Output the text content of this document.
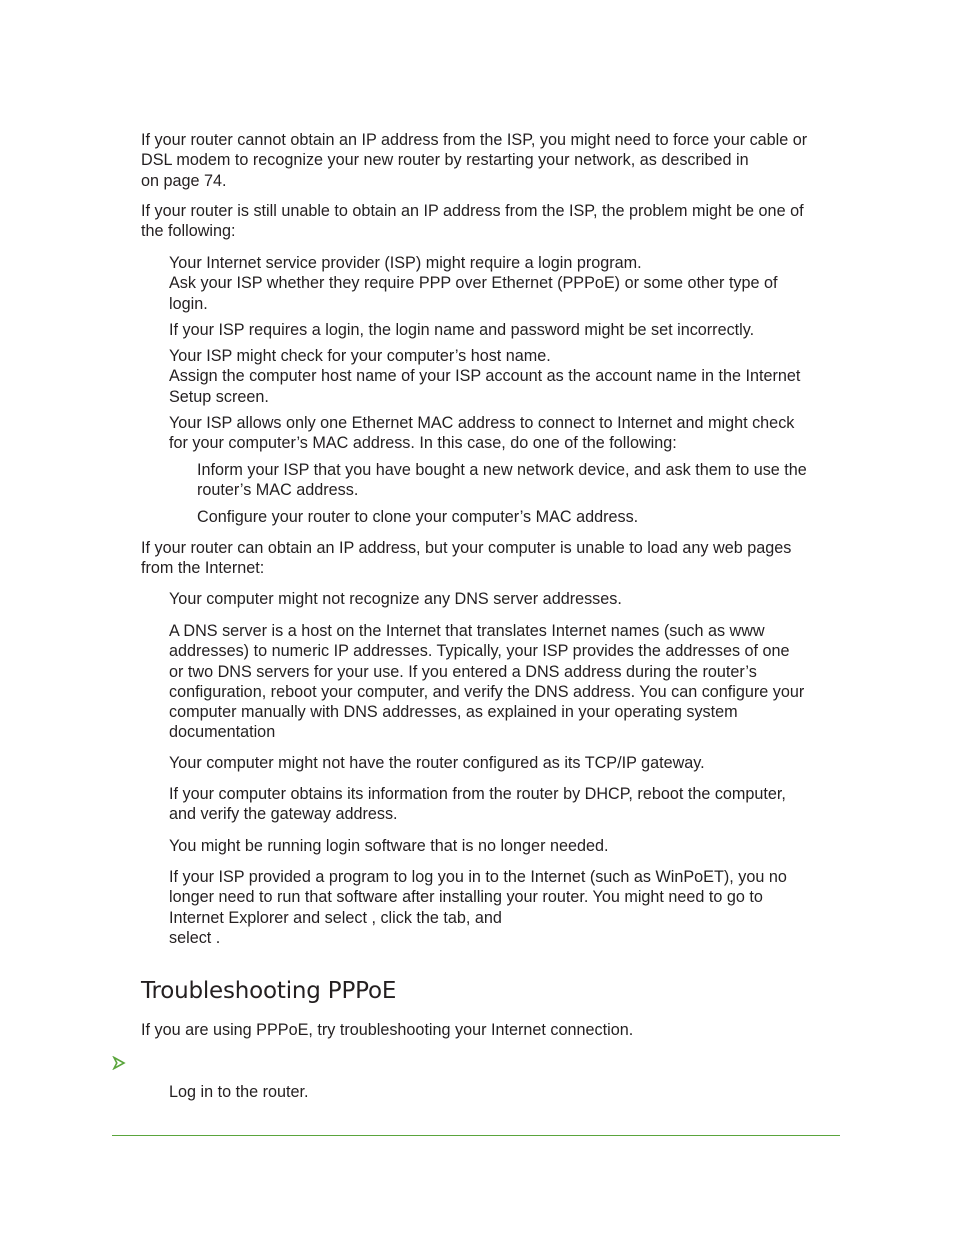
If your router cannot obtain an IP address from the ISP, you might need to force your cable or
DSL modem to recognize your new router by restarting your network, as described in
on page 74.

If your router is still unable to obtain an IP address from the ISP, the problem might be one of
the following:

Your Internet service provider (ISP) might require a login program.
Ask your ISP whether they require PPP over Ethernet (PPPoE) or some other type of
login.

If your ISP requires a login, the login name and password might be set incorrectly.

Your ISP might check for your computer’s host name.
Assign the computer host name of your ISP account as the account name in the Internet
Setup screen.

Your ISP allows only one Ethernet MAC address to connect to Internet and might check
for your computer’s MAC address. In this case, do one of the following:

Inform your ISP that you have bought a new network device, and ask them to use the
router’s MAC address.

Configure your router to clone your computer’s MAC address.

If your router can obtain an IP address, but your computer is unable to load any web pages
from the Internet:

Your computer might not recognize any DNS server addresses.

A DNS server is a host on the Internet that translates Internet names (such as www
addresses) to numeric IP addresses. Typically, your ISP provides the addresses of one
or two DNS servers for your use. If you entered a DNS address during the router’s
configuration, reboot your computer, and verify the DNS address. You can configure your
computer manually with DNS addresses, as explained in your operating system
documentation

Your computer might not have the router configured as its TCP/IP gateway.

If your computer obtains its information from the router by DHCP, reboot the computer,
and verify the gateway address.

You might be running login software that is no longer needed.

If your ISP provided a program to log you in to the Internet (such as WinPoET), you no
longer need to run that software after installing your router. You might need to go to
Internet Explorer and select , click the tab, and
select .

Troubleshooting PPPoE

If you are using PPPoE, try troubleshooting your Internet connection.

Log in to the router.
